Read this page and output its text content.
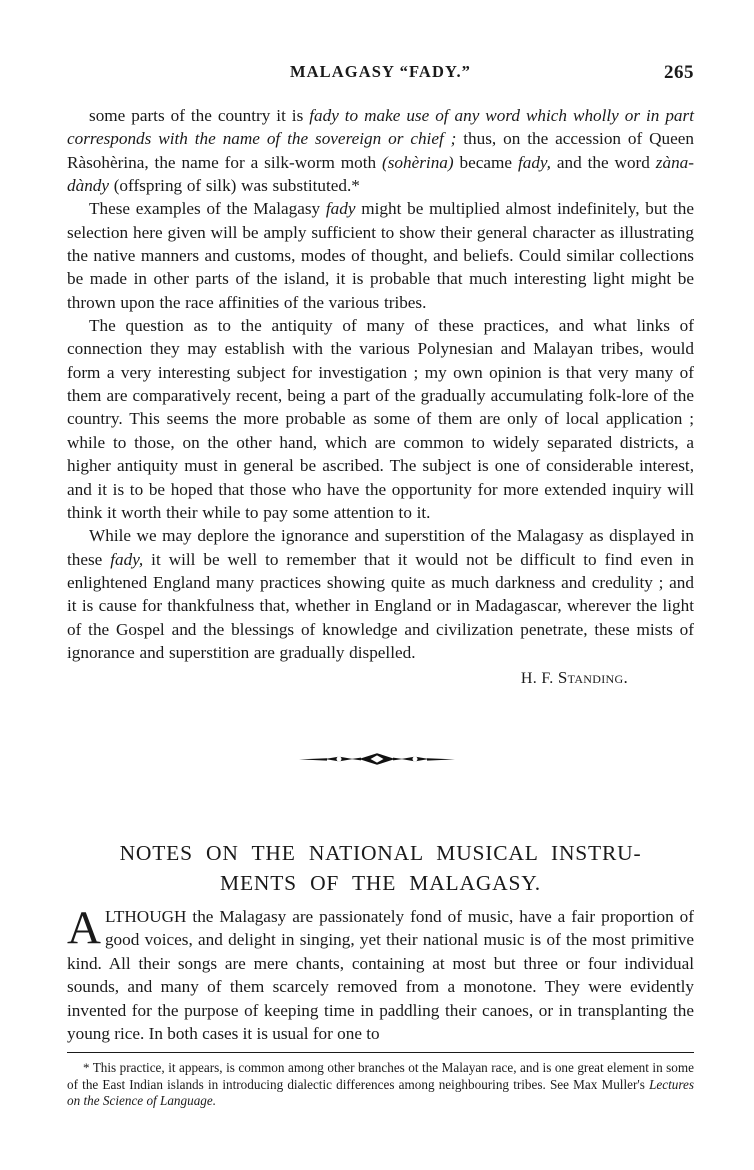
MALAGASY “FADY.”	265

some parts of the country it is fady to make use of any word which wholly or in part corresponds with the name of the sovereign or chief ; thus, on the accession of Queen Ràsohèrina, the name for a silk-worm moth (sohèrina) became fady, and the word zàna-dàndy (offspring of silk) was substituted.*

These examples of the Malagasy fady might be multiplied almost indefinitely, but the selection here given will be amply sufficient to show their general character as illustrating the native manners and customs, modes of thought, and beliefs. Could similar collections be made in other parts of the island, it is probable that much interesting light might be thrown upon the race affinities of the various tribes.

The question as to the antiquity of many of these practices, and what links of connection they may establish with the various Polynesian and Malayan tribes, would form a very interesting subject for investigation ; my own opinion is that very many of them are comparatively recent, being a part of the gradually accumulating folk-lore of the country. This seems the more probable as some of them are only of local application ; while to those, on the other hand, which are common to widely separated districts, a higher antiquity must in general be ascribed. The subject is one of considerable interest, and it is to be hoped that those who have the opportunity for more extended inquiry will think it worth their while to pay some attention to it.

While we may deplore the ignorance and superstition of the Malagasy as displayed in these fady, it will be well to remember that it would not be difficult to find even in enlightened England many practices showing quite as much darkness and credulity ; and it is cause for thankfulness that, whether in England or in Madagascar, wherever the light of the Gospel and the blessings of knowledge and civilization penetrate, these mists of ignorance and superstition are gradually dispelled.

H. F. Standing.

NOTES ON THE NATIONAL MUSICAL INSTRU-
MENTS OF THE MALAGASY.
A LTHOUGH the Malagasy are passionately fond of music, have a fair proportion of good voices, and delight in singing, yet their national music is of the most primitive kind. All their songs are mere chants, containing at most but three or four individual sounds, and many of them scarcely removed from a monotone. They were evidently invented for the purpose of keeping time in paddling their canoes, or in transplanting the young rice. In both cases it is usual for one to

* This practice, it appears, is common among other branches ot the Malayan race, and is one great element in some of the East Indian islands in introducing dialectic differences among neighbouring tribes. See Max Muller's Lectures on the Science of Language.
